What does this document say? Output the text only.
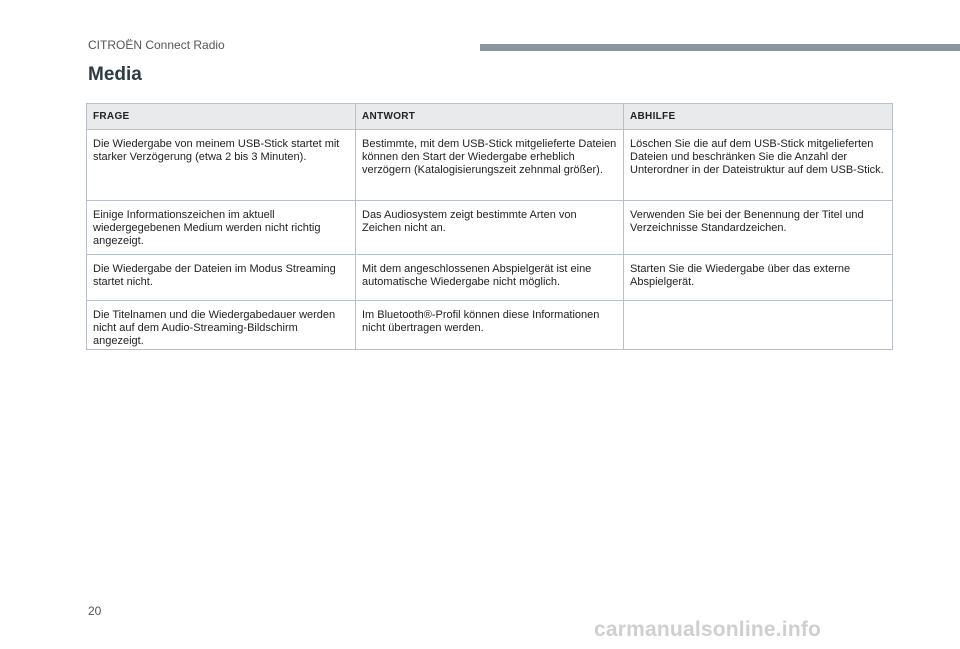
CITROËN Connect Radio
Media
FRAGE	ANTWORT	ABHILFE
Die Wiedergabe von meinem USB-Stick startet mit starker Verzögerung (etwa 2 bis 3 Minuten).	Bestimmte, mit dem USB-Stick mitgelieferte Dateien können den Start der Wiedergabe erheblich verzögern (Katalogisierungszeit zehnmal größer).	Löschen Sie die auf dem USB-Stick mitgelieferten Dateien und beschränken Sie die Anzahl der Unterordner in der Dateistruktur auf dem USB-Stick.
Einige Informationszeichen im aktuell wiedergegebenen Medium werden nicht richtig angezeigt.	Das Audiosystem zeigt bestimmte Arten von Zeichen nicht an.	Verwenden Sie bei der Benennung der Titel und Verzeichnisse Standardzeichen.
Die Wiedergabe der Dateien im Modus Streaming startet nicht.	Mit dem angeschlossenen Abspielgerät ist eine automatische Wiedergabe nicht möglich.	Starten Sie die Wiedergabe über das externe Abspielgerät.
Die Titelnamen und die Wiedergabedauer werden nicht auf dem Audio-Streaming-Bildschirm angezeigt.	Im Bluetooth®-Profil können diese Informationen nicht übertragen werden.	
20
carmanualsonline.info
